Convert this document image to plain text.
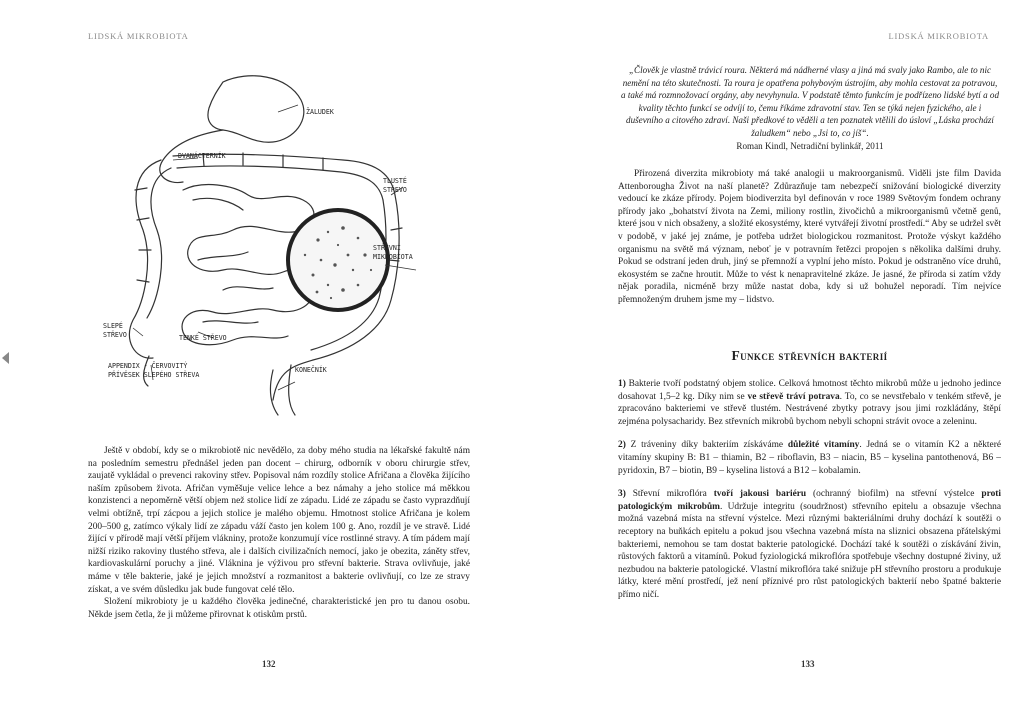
LIDSKÁ MIKROBIOTA
ŽALUDEK
DVANÁCTERNÍK
TLUSTÉ
STŘEVO
STŘEVNÍ
MIKROBIOTA
SLEPÉ
STŘEVO	TENKÉ STŘEVO
APPENDIX - ČERVOVITÝ
PŘÍVĚSEK SLEPÉHO STŘEVA
KONEČNÍK

Ještě v období, kdy se o mikrobiotě nic nevědělo, za doby mého studia na lékařské fakultě nám na posledním semestru přednášel jeden pan docent – chirurg, odborník v oboru chirurgie střev, zaujatě vykládal o prevenci rakoviny střev. Popisoval nám rozdíly stolice Afričana a člověka žijícího naším způsobem života. Afričan vyměšuje velice lehce a bez námahy a jeho stolice má měkkou konzistenci a nepoměrně větší objem než stolice lidí ze západu. Lidé ze západu se často vyprazdňují velmi obtížně, trpí zácpou a jejich stolice je malého objemu. Hmotnost stolice Afričana je kolem 200–500 g, zatímco výkaly lidí ze západu váží často jen kolem 100 g. Ano, rozdíl je ve stravě. Lidé žijící v přírodě mají větší příjem vlákniny, protože konzumují více rostlinné stravy. A tím pádem mají nižší riziko rakoviny tlustého střeva, ale i dalších civilizačních nemocí, jako je obezita, záněty střev, kardiovaskulární poruchy a jiné. Vláknina je výživou pro střevní bakterie. Strava ovlivňuje, jaké máme v těle bakterie, jaké je jejich množství a rozmanitost a bakterie ovlivňují, co lze ze stravy získat, a ve svém důsledku jak bude fungovat celé tělo.

Složení mikrobioty je u každého člověka jedinečné, charakteristické jen pro tu danou osobu. Někde jsem četla, že ji můžeme přirovnat k otiskům prstů.

132
LIDSKÁ MIKROBIOTA
„Člověk je vlastně trávicí roura. Některá má nádherné vlasy a jiná má svaly jako Rambo, ale to nic nemění na této skutečnosti. Ta roura je opatřena pohybovým ústrojím, aby mohla cestovat za potravou, a také má rozmnožovací orgány, aby nevyhynula. V podstatě těmto funkcím je podřízeno lidské bytí a od kvality těchto funkcí se odvíjí to, čemu říkáme zdravotní stav. Ten se týká nejen fyzického, ale i duševního a citového zdraví. Naši předkové to věděli a ten poznatek vtělili do úsloví „Láska prochází žaludkem“ nebo „Jsi to, co jíš“.
Roman Kindl, Netradiční bylinkář, 2011

Přirozená diverzita mikrobioty má také analogii u makroorganismů. Viděli jste film Davida Attenborougha Život na naší planetě? Zdůrazňuje tam nebezpečí snižování biologické diverzity vedoucí ke zkáze přírody. Pojem biodiverzita byl definován v roce 1989 Světovým fondem ochrany přírody jako „bohatství života na Zemi, miliony rostlin, živočichů a mikroorganismů včetně genů, které jsou v nich obsaženy, a složité ekosystémy, které vytvářejí životní prostředí.“ Aby se udržel svět v podobě, v jaké jej známe, je potřeba udržet biologickou rozmanitost. Protože výskyt každého organismu na světě má význam, neboť je v potravním řetězci propojen s několika dalšími druhy. Pokud se odstraní jeden druh, jiný se přemnoží a vyplní jeho místo. Pokud je odstraněno více druhů, ekosystém se začne hroutit. Může to vést k nenapravitelné zkáze. Je jasné, že příroda si zatím vždy nějak poradila, nicméně brzy může nastat doba, kdy si už bohužel neporadí. Tím nejvíce přemnoženým druhem jsme my – lidstvo.

Funkce střevních bakterií

1) Bakterie tvoří podstatný objem stolice. Celková hmotnost těchto mikrobů může u jednoho jedince dosahovat 1,5–2 kg. Díky nim se ve střevě tráví potrava. To, co se nevstřebalo v tenkém střevě, je zpracováno bakteriemi ve střevě tlustém. Nestrávené zbytky potravy jsou jimi rozkládány, štěpí zejména polysacharidy. Bez střevních mikrobů bychom nebyli schopni strávit ovoce a zeleninu.

2) Z tráveniny díky bakteriím získáváme důležité vitamíny. Jedná se o vitamín K2 a některé vitamíny skupiny B: B1 – thiamin, B2 – riboflavin, B3 – niacin, B5 – kyselina pantothenová, B6 – pyridoxin, B7 – biotin, B9 – kyselina listová a B12 – kobalamin.

3) Střevní mikroflóra tvoří jakousi bariéru (ochranný biofilm) na střevní výstelce proti patologickým mikrobům. Udržuje integritu (soudržnost) střevního epitelu a obsazuje všechna možná vazebná místa na střevní výstelce. Mezi různými bakteriálními druhy dochází k soutěži o receptory na buňkách epitelu a pokud jsou všechna vazebná místa na sliznici obsazena přátelskými bakteriemi, nemohou se tam dostat bakterie patologické. Dochází také k soutěži o získávání živin, růstových faktorů a vitamínů. Pokud fyziologická mikroflóra spotřebuje všechny dostupné živiny, už nezbudou na bakterie patologické. Vlastní mikroflóra také snižuje pH střevního prostoru a produkuje látky, které mění prostředí, jež není příznivé pro růst patologických bakterií nebo špatné bakterie přímo ničí.

133
